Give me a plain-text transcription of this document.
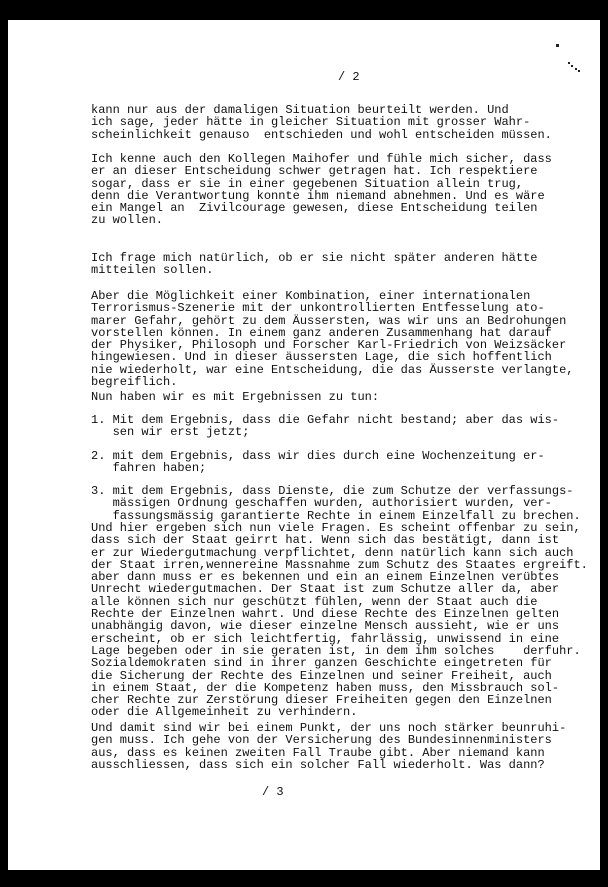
/ 2
kann nur aus der damaligen Situation beurteilt werden. Und
ich sage, jeder hätte in gleicher Situation mit grosser Wahr-
scheinlichkeit genauso  entschieden und wohl entscheiden müssen.
Ich kenne auch den Kollegen Maihofer und fühle mich sicher, dass
er an dieser Entscheidung schwer getragen hat. Ich respektiere
sogar, dass er sie in einer gegebenen Situation allein trug,
denn die Verantwortung konnte ihm niemand abnehmen. Und es wäre
ein Mangel an  Zivilcourage gewesen, diese Entscheidung teilen
zu wollen.
Ich frage mich natürlich, ob er sie nicht später anderen hätte
mitteilen sollen.
Aber die Möglichkeit einer Kombination, einer internationalen
Terrorismus-Szenerie mit der unkontrollierten Entfesselung ato-
marer Gefahr, gehört zu dem Äussersten, was wir uns an Bedrohungen
vorstellen können. In einem ganz anderen Zusammenhang hat darauf
der Physiker, Philosoph und Forscher Karl-Friedrich von Weizsäcker
hingewiesen. Und in dieser äussersten Lage, die sich hoffentlich
nie wiederholt, war eine Entscheidung, die das Äusserste verlangte,
begreiflich.
Nun haben wir es mit Ergebnissen zu tun:
1. Mit dem Ergebnis, dass die Gefahr nicht bestand; aber das wis-
sen wir erst jetzt;
2. mit dem Ergebnis, dass wir dies durch eine Wochenzeitung er-
fahren haben;
3. mit dem Ergebnis, dass Dienste, die zum Schutze der verfassungs-
mässigen Ordnung geschaffen wurden, authorisiert wurden, ver-
fassungsmässig garantierte Rechte in einem Einzelfall zu brechen.
Und hier ergeben sich nun viele Fragen. Es scheint offenbar zu sein,
dass sich der Staat geirrt hat. Wenn sich das bestätigt, dann ist
er zur Wiedergutmachung verpflichtet, denn natürlich kann sich auch
der Staat irren,wennereine Massnahme zum Schutz des Staates ergreift.
aber dann muss er es bekennen und ein an einem Einzelnen verübtes
Unrecht wiedergutmachen. Der Staat ist zum Schutze aller da, aber
alle können sich nur geschützt fühlen, wenn der Staat auch die
Rechte der Einzelnen wahrt. Und diese Rechte des Einzelnen gelten
unabhängig davon, wie dieser einzelne Mensch aussieht, wie er uns
erscheint, ob er sich leichtfertig, fahrlässig, unwissend in eine
Lage begeben oder in sie geraten ist, in dem ihm solches    derfuhr.
Sozialdemokraten sind in ihrer ganzen Geschichte eingetreten für
die Sicherung der Rechte des Einzelnen und seiner Freiheit, auch
in einem Staat, der die Kompetenz haben muss, den Missbrauch sol-
cher Rechte zur Zerstörung dieser Freiheiten gegen den Einzelnen
oder die Allgemeinheit zu verhindern.
Und damit sind wir bei einem Punkt, der uns noch stärker beunruhi-
gen muss. Ich gehe von der Versicherung des Bundesinnenministers
aus, dass es keinen zweiten Fall Traube gibt. Aber niemand kann
ausschliessen, dass sich ein solcher Fall wiederholt. Was dann?
/ 3
